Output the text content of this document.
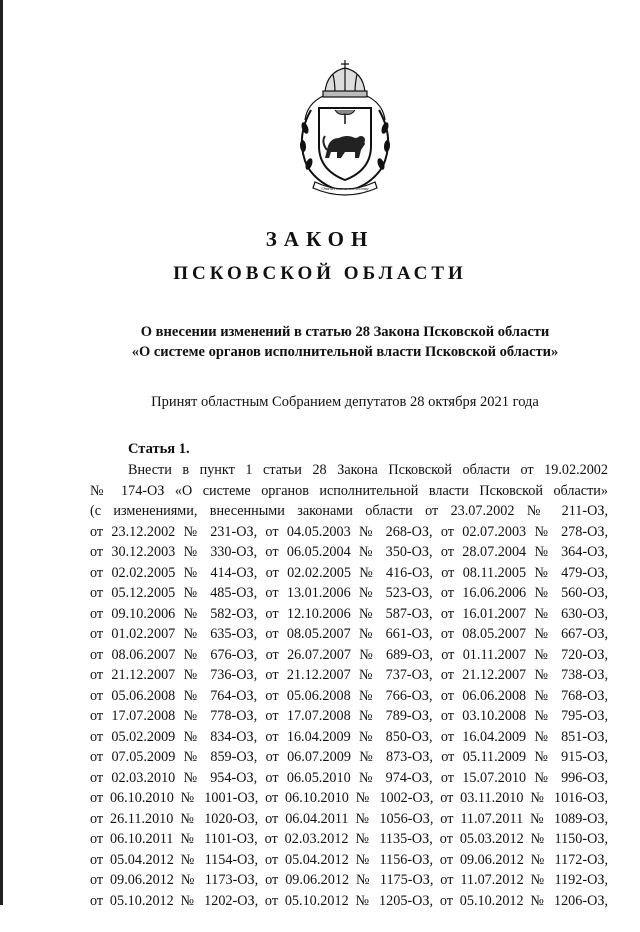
Отечество и отечеству
ЗАКОН
ПСКОВСКОЙ ОБЛАСТИ
О внесении изменений в статью 28 Закона Псковской области
«О системе органов исполнительной власти Псковской области»
Принят областным Собранием депутатов 28 октября 2021 года
Статья 1.
Внести в пункт 1 статьи 28 Закона Псковской области от 19.02.2002
№ 174-ОЗ «О системе органов исполнительной власти Псковской области»
(с изменениями, внесенными законами области от 23.07.2002 № 211-ОЗ,
от 23.12.2002 № 231-ОЗ, от 04.05.2003 № 268-ОЗ, от 02.07.2003 № 278-ОЗ,
от 30.12.2003 № 330-ОЗ, от 06.05.2004 № 350-ОЗ, от 28.07.2004 № 364-ОЗ,
от 02.02.2005 № 414-ОЗ, от 02.02.2005 № 416-ОЗ, от 08.11.2005 № 479-ОЗ,
от 05.12.2005 № 485-ОЗ, от 13.01.2006 № 523-ОЗ, от 16.06.2006 № 560-ОЗ,
от 09.10.2006 № 582-ОЗ, от 12.10.2006 № 587-ОЗ, от 16.01.2007 № 630-ОЗ,
от 01.02.2007 № 635-ОЗ, от 08.05.2007 № 661-ОЗ, от 08.05.2007 № 667-ОЗ,
от 08.06.2007 № 676-ОЗ, от 26.07.2007 № 689-ОЗ, от 01.11.2007 № 720-ОЗ,
от 21.12.2007 № 736-ОЗ, от 21.12.2007 № 737-ОЗ, от 21.12.2007 № 738-ОЗ,
от 05.06.2008 № 764-ОЗ, от 05.06.2008 № 766-ОЗ, от 06.06.2008 № 768-ОЗ,
от 17.07.2008 № 778-ОЗ, от 17.07.2008 № 789-ОЗ, от 03.10.2008 № 795-ОЗ,
от 05.02.2009 № 834-ОЗ, от 16.04.2009 № 850-ОЗ, от 16.04.2009 № 851-ОЗ,
от 07.05.2009 № 859-ОЗ, от 06.07.2009 № 873-ОЗ, от 05.11.2009 № 915-ОЗ,
от 02.03.2010 № 954-ОЗ, от 06.05.2010 № 974-ОЗ, от 15.07.2010 № 996-ОЗ,
от 06.10.2010 № 1001-ОЗ, от 06.10.2010 № 1002-ОЗ, от 03.11.2010 № 1016-ОЗ,
от 26.11.2010 № 1020-ОЗ, от 06.04.2011 № 1056-ОЗ, от 11.07.2011 № 1089-ОЗ,
от 06.10.2011 № 1101-ОЗ, от 02.03.2012 № 1135-ОЗ, от 05.03.2012 № 1150-ОЗ,
от 05.04.2012 № 1154-ОЗ, от 05.04.2012 № 1156-ОЗ, от 09.06.2012 № 1172-ОЗ,
от 09.06.2012 № 1173-ОЗ, от 09.06.2012 № 1175-ОЗ, от 11.07.2012 № 1192-ОЗ,
от 05.10.2012 № 1202-ОЗ, от 05.10.2012 № 1205-ОЗ, от 05.10.2012 № 1206-ОЗ,
